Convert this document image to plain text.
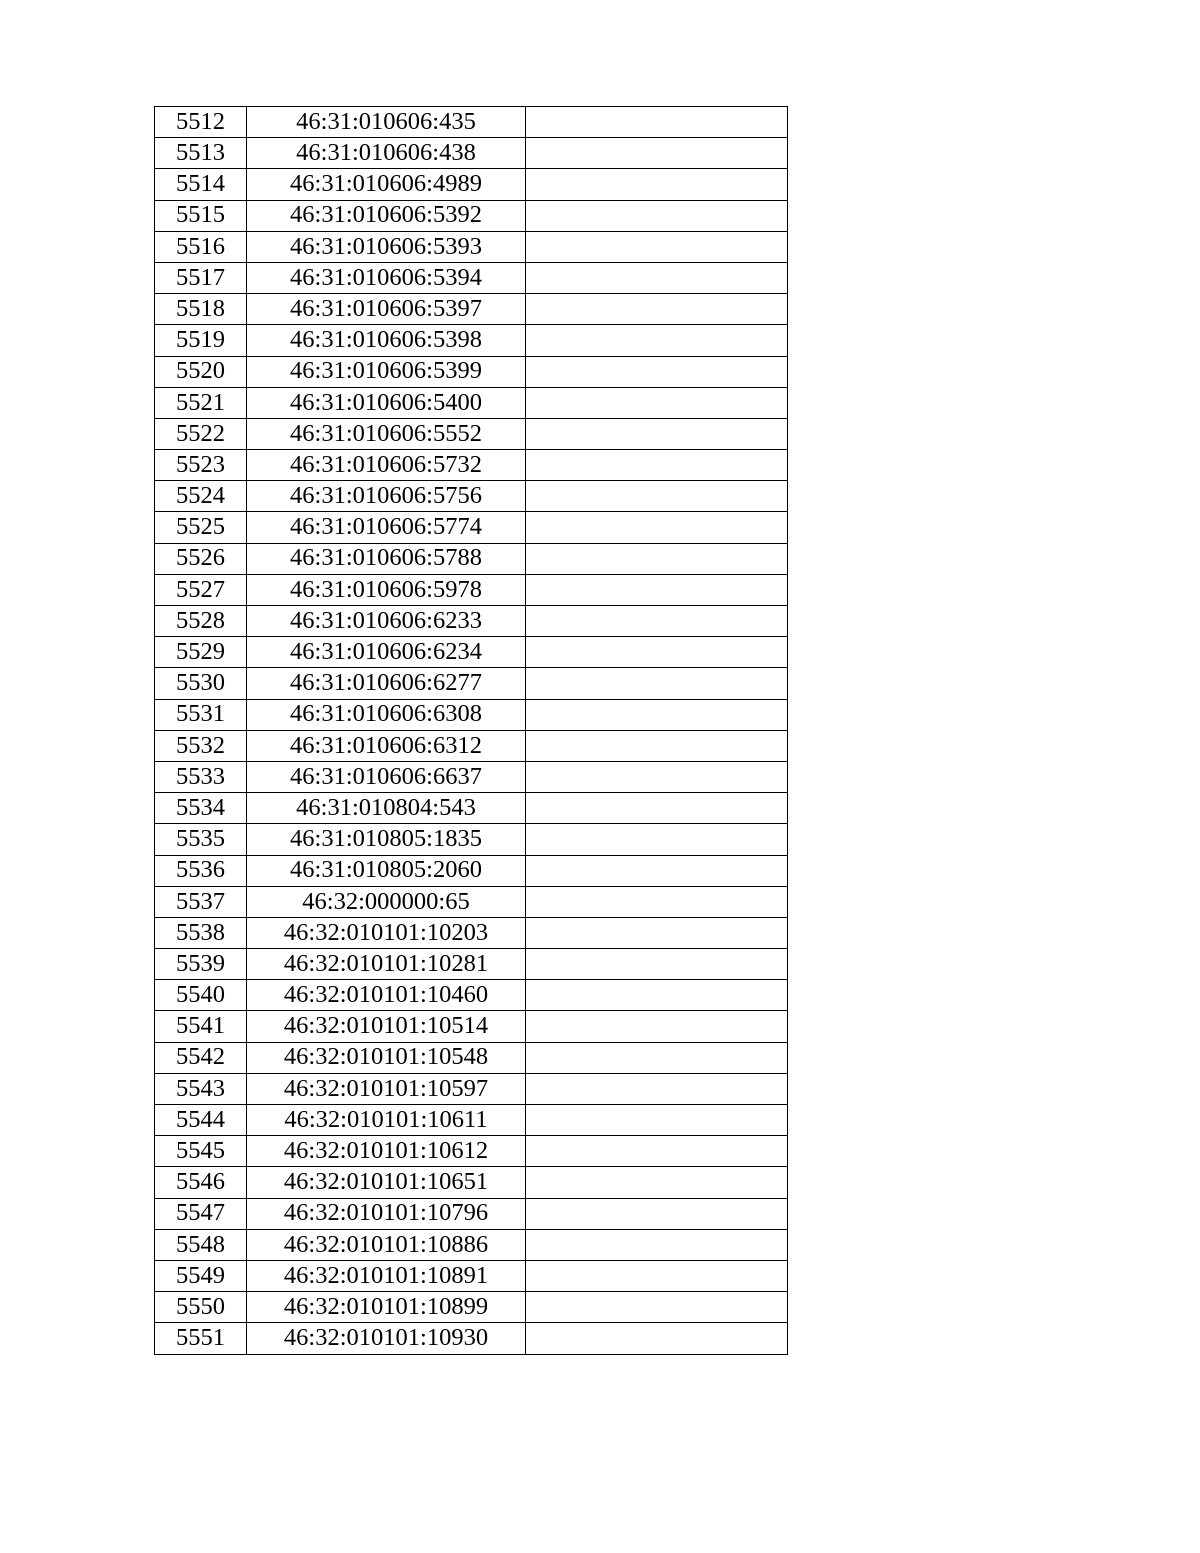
5512	46:31:010606:435	
5513	46:31:010606:438	
5514	46:31:010606:4989	
5515	46:31:010606:5392	
5516	46:31:010606:5393	
5517	46:31:010606:5394	
5518	46:31:010606:5397	
5519	46:31:010606:5398	
5520	46:31:010606:5399	
5521	46:31:010606:5400	
5522	46:31:010606:5552	
5523	46:31:010606:5732	
5524	46:31:010606:5756	
5525	46:31:010606:5774	
5526	46:31:010606:5788	
5527	46:31:010606:5978	
5528	46:31:010606:6233	
5529	46:31:010606:6234	
5530	46:31:010606:6277	
5531	46:31:010606:6308	
5532	46:31:010606:6312	
5533	46:31:010606:6637	
5534	46:31:010804:543	
5535	46:31:010805:1835	
5536	46:31:010805:2060	
5537	46:32:000000:65	
5538	46:32:010101:10203	
5539	46:32:010101:10281	
5540	46:32:010101:10460	
5541	46:32:010101:10514	
5542	46:32:010101:10548	
5543	46:32:010101:10597	
5544	46:32:010101:10611	
5545	46:32:010101:10612	
5546	46:32:010101:10651	
5547	46:32:010101:10796	
5548	46:32:010101:10886	
5549	46:32:010101:10891	
5550	46:32:010101:10899	
5551	46:32:010101:10930	
